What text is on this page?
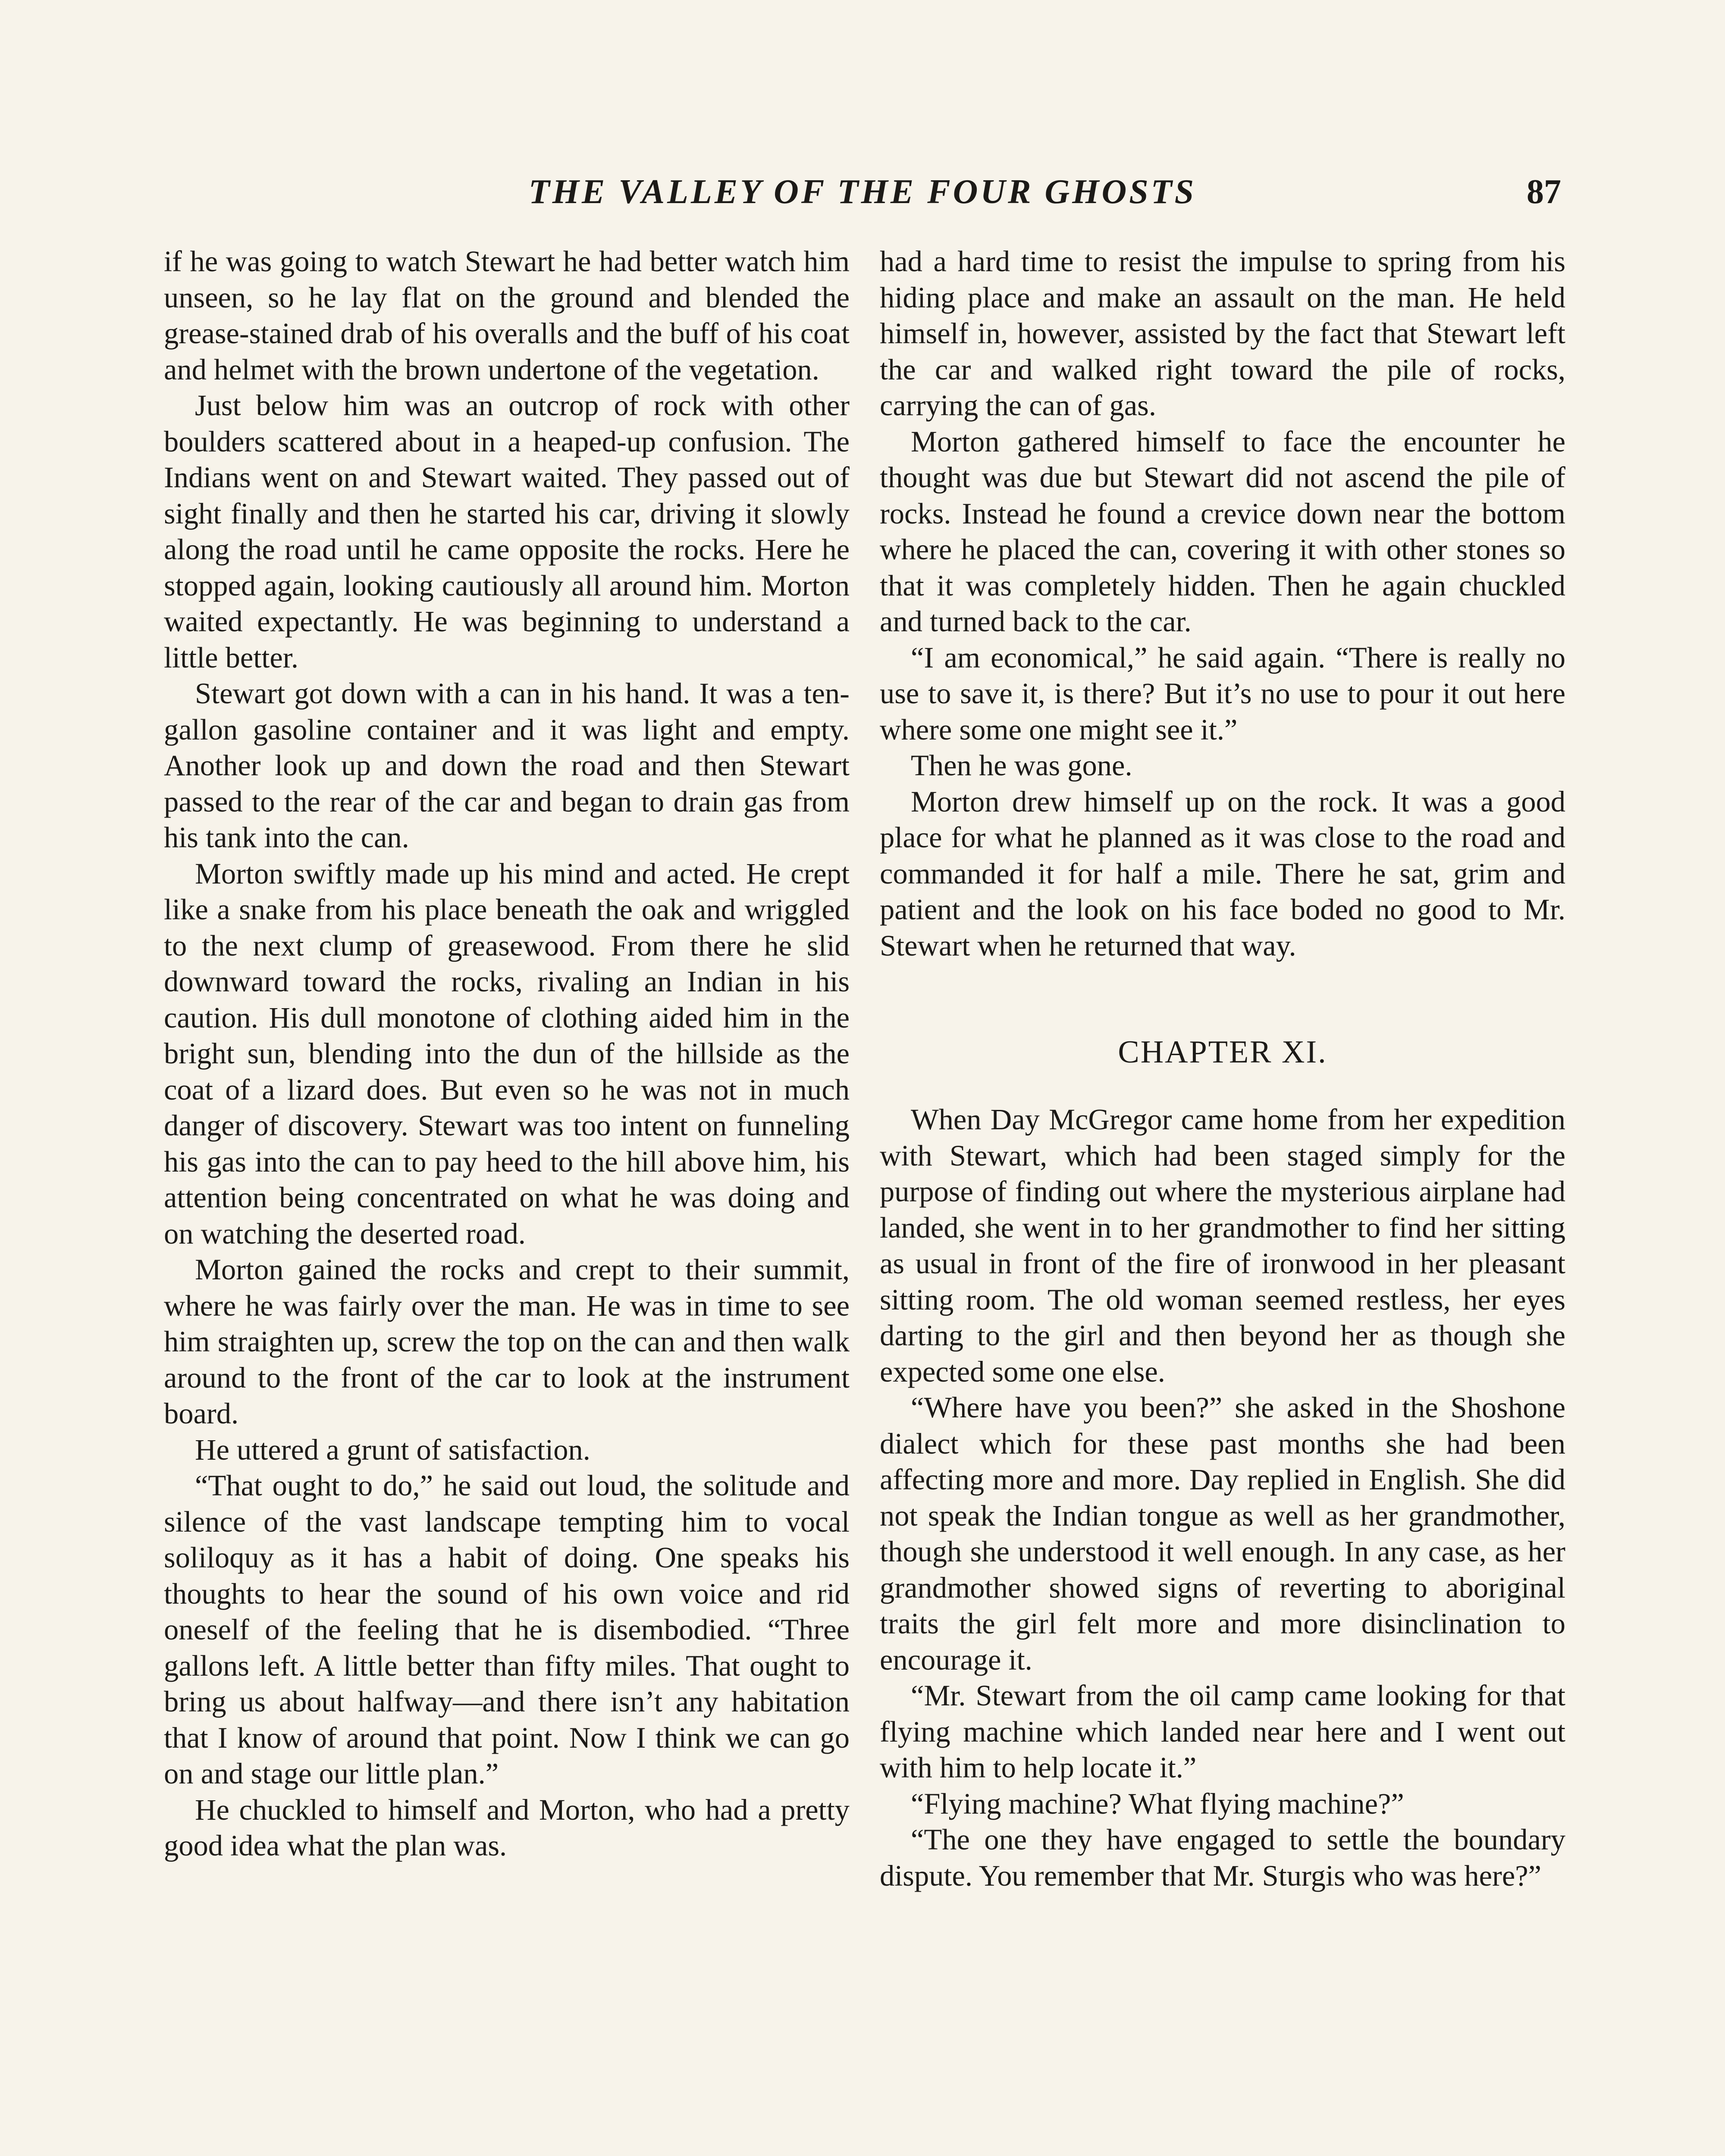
THE VALLEY OF THE FOUR GHOSTS	87

if he was going to watch Stewart he had better watch him unseen, so he lay flat on the ground and blended the grease-stained drab of his overalls and the buff of his coat and helmet with the brown undertone of the vegetation.

Just below him was an outcrop of rock with other boulders scattered about in a heaped-up confusion. The Indians went on and Stewart waited. They passed out of sight finally and then he started his car, driving it slowly along the road until he came opposite the rocks. Here he stopped again, looking cautiously all around him. Morton waited expectantly. He was beginning to understand a little better.

Stewart got down with a can in his hand. It was a ten-gallon gasoline container and it was light and empty. Another look up and down the road and then Stewart passed to the rear of the car and began to drain gas from his tank into the can.

Morton swiftly made up his mind and acted. He crept like a snake from his place beneath the oak and wriggled to the next clump of greasewood. From there he slid downward toward the rocks, rivaling an Indian in his caution. His dull monotone of clothing aided him in the bright sun, blending into the dun of the hillside as the coat of a lizard does. But even so he was not in much danger of discovery. Stewart was too intent on funneling his gas into the can to pay heed to the hill above him, his attention being concentrated on what he was doing and on watching the deserted road.

Morton gained the rocks and crept to their summit, where he was fairly over the man. He was in time to see him straighten up, screw the top on the can and then walk around to the front of the car to look at the instrument board.

He uttered a grunt of satisfaction.

“That ought to do,” he said out loud, the solitude and silence of the vast landscape tempting him to vocal soliloquy as it has a habit of doing. One speaks his thoughts to hear the sound of his own voice and rid oneself of the feeling that he is disembodied. “Three gallons left. A little better than fifty miles. That ought to bring us about halfway—and there isn’t any habitation that I know of around that point. Now I think we can go on and stage our little plan.”

He chuckled to himself and Morton, who had a pretty good idea what the plan was.

had a hard time to resist the impulse to spring from his hiding place and make an assault on the man. He held himself in, however, assisted by the fact that Stewart left the car and walked right toward the pile of rocks, carrying the can of gas.

Morton gathered himself to face the encounter he thought was due but Stewart did not ascend the pile of rocks. Instead he found a crevice down near the bottom where he placed the can, covering it with other stones so that it was completely hidden. Then he again chuckled and turned back to the car.

“I am economical,” he said again. “There is really no use to save it, is there? But it’s no use to pour it out here where some one might see it.”

Then he was gone.

Morton drew himself up on the rock. It was a good place for what he planned as it was close to the road and commanded it for half a mile. There he sat, grim and patient and the look on his face boded no good to Mr. Stewart when he returned that way.

CHAPTER XI.

When Day McGregor came home from her expedition with Stewart, which had been staged simply for the purpose of finding out where the mysterious airplane had landed, she went in to her grandmother to find her sitting as usual in front of the fire of ironwood in her pleasant sitting room. The old woman seemed restless, her eyes darting to the girl and then beyond her as though she expected some one else.

“Where have you been?” she asked in the Shoshone dialect which for these past months she had been affecting more and more. Day replied in English. She did not speak the Indian tongue as well as her grandmother, though she understood it well enough. In any case, as her grandmother showed signs of reverting to aboriginal traits the girl felt more and more disinclination to encourage it.

“Mr. Stewart from the oil camp came looking for that flying machine which landed near here and I went out with him to help locate it.”

“Flying machine? What flying machine?”

“The one they have engaged to settle the boundary dispute. You remember that Mr. Sturgis who was here?”
